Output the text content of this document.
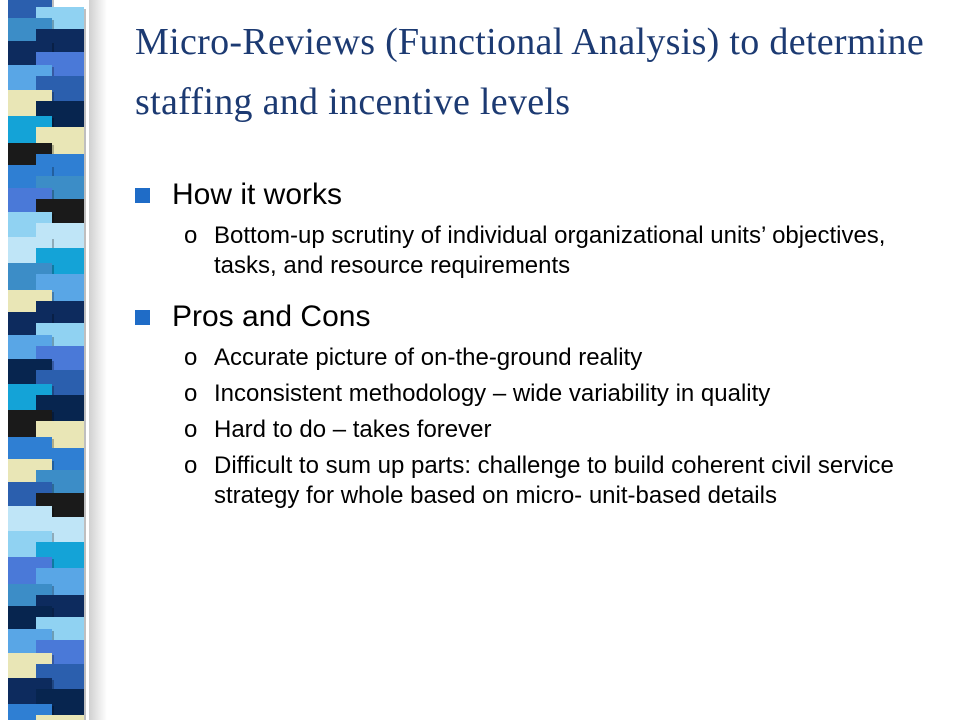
Micro-Reviews (Functional Analysis) to determine staffing and incentive levels
How it works
o Bottom-up scrutiny of individual organizational units’ objectives, tasks, and resource requirements
Pros and Cons
o Accurate picture of on-the-ground reality
o Inconsistent methodology – wide variability in quality
o Hard to do – takes forever
o Difficult to sum up parts: challenge to build coherent civil service strategy for whole based on micro- unit-based details
